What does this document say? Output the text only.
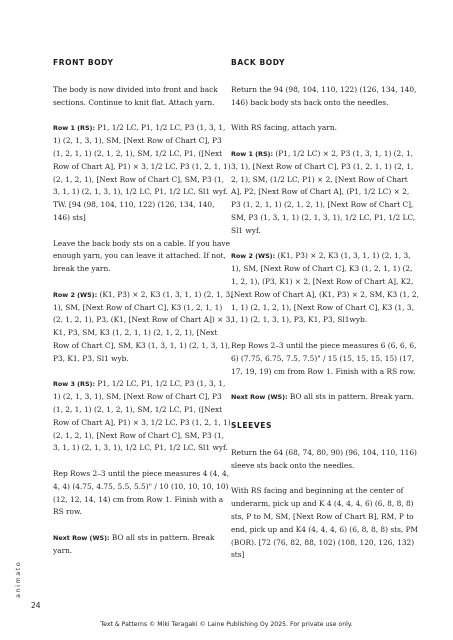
FRONT BODY

The body is now divided into front and back sections. Continue to knit flat. Attach yarn.

Row 1 (RS): P1, 1/2 LC, P1, 1/2 LC, P3 (1, 3, 1, 1) (2, 1, 3, 1), SM, [Next Row of Chart C], P3 (1, 2, 1, 1) (2, 1, 2, 1), SM, 1/2 LC, P1, ([Next Row of Chart A], P1) × 3, 1/2 LC, P3 (1, 2, 1, 1) (2, 1, 2, 1), [Next Row of Chart C], SM, P3 (1, 3, 1, 1) (2, 1, 3, 1), 1/2 LC, P1, 1/2 LC, Sl1 wyf. TW. [94 (98, 104, 110, 122) (126, 134, 140, 146) sts]

Leave the back body sts on a cable. If you have enough yarn, you can leave it attached. If not, break the yarn.

Row 2 (WS): (K1, P3) × 2, K3 (1, 3, 1, 1) (2, 1, 3, 1), SM, [Next Row of Chart C], K3 (1, 2, 1, 1) (2, 1, 2, 1), P3, (K1, [Next Row of Chart A]) × 3, K1, P3, SM, K3 (1, 2, 1, 1) (2, 1, 2, 1), [Next Row of Chart C], SM, K3 (1, 3, 1, 1) (2, 1, 3, 1), P3, K1, P3, Sl1 wyb.

Row 3 (RS): P1, 1/2 LC, P1, 1/2 LC, P3 (1, 3, 1, 1) (2, 1, 3, 1), SM, [Next Row of Chart C], P3 (1, 2, 1, 1) (2, 1, 2, 1), SM, 1/2 LC, P1, ([Next Row of Chart A], P1) × 3, 1/2 LC, P3 (1, 2, 1, 1) (2, 1, 2, 1), [Next Row of Chart C], SM, P3 (1, 3, 1, 1) (2, 1, 3, 1), 1/2 LC, P1, 1/2 LC, Sl1 wyf.

Rep Rows 2–3 until the piece measures 4 (4, 4, 4, 4) (4.75, 4.75, 5.5, 5.5)" / 10 (10, 10, 10, 10) (12, 12, 14, 14) cm from Row 1. Finish with a RS row.

Next Row (WS): BO all sts in pattern. Break yarn.

BACK BODY

Return the 94 (98, 104, 110, 122) (126, 134, 140, 146) back body sts back onto the needles.

With RS facing, attach yarn.

Row 1 (RS): (P1, 1/2 LC) × 2, P3 (1, 3, 1, 1) (2, 1, 3, 1), [Next Row of Chart C], P3 (1, 2, 1, 1) (2, 1, 2, 1), SM, (1/2 LC, P1) × 2, [Next Row of Chart A], P2, [Next Row of Chart A], (P1, 1/2 LC) × 2, P3 (1, 2, 1, 1) (2, 1, 2, 1), [Next Row of Chart C], SM, P3 (1, 3, 1, 1) (2, 1, 3, 1), 1/2 LC, P1, 1/2 LC, Sl1 wyf.

Row 2 (WS): (K1, P3) × 2, K3 (1, 3, 1, 1) (2, 1, 3, 1), SM, [Next Row of Chart C], K3 (1, 2, 1, 1) (2, 1, 2, 1), (P3, K1) × 2, [Next Row of Chart A], K2, [Next Row of Chart A], (K1, P3) × 2, SM, K3 (1, 2, 1, 1) (2, 1, 2, 1), [Next Row of Chart C], K3 (1, 3, 1, 1) (2, 1, 3, 1), P3, K1, P3, Sl1wyb.

Rep Rows 2–3 until the piece measures 6 (6, 6, 6, 6) (7.75, 6.75, 7.5, 7.5)" / 15 (15, 15, 15, 15) (17, 17, 19, 19) cm from Row 1. Finish with a RS row.

Next Row (WS): BO all sts in pattern. Break yarn.

SLEEVES

Return the 64 (68, 74, 80, 90) (96, 104, 110, 116) sleeve sts back onto the needles.

With RS facing and beginning at the center of underarm, pick up and K 4 (4, 4, 4, 6) (6, 8, 8, 8) sts, P to M, SM, [Next Row of Chart B], RM, P to end, pick up and K4 (4, 4, 4, 6) (6, 8, 8, 8) sts, PM (BOR). [72 (76, 82, 88, 102) (108, 120, 126, 132) sts]

animato
24
Text & Patterns © Miki Teragaki © Laine Publishing Oy 2025. For private use only.
